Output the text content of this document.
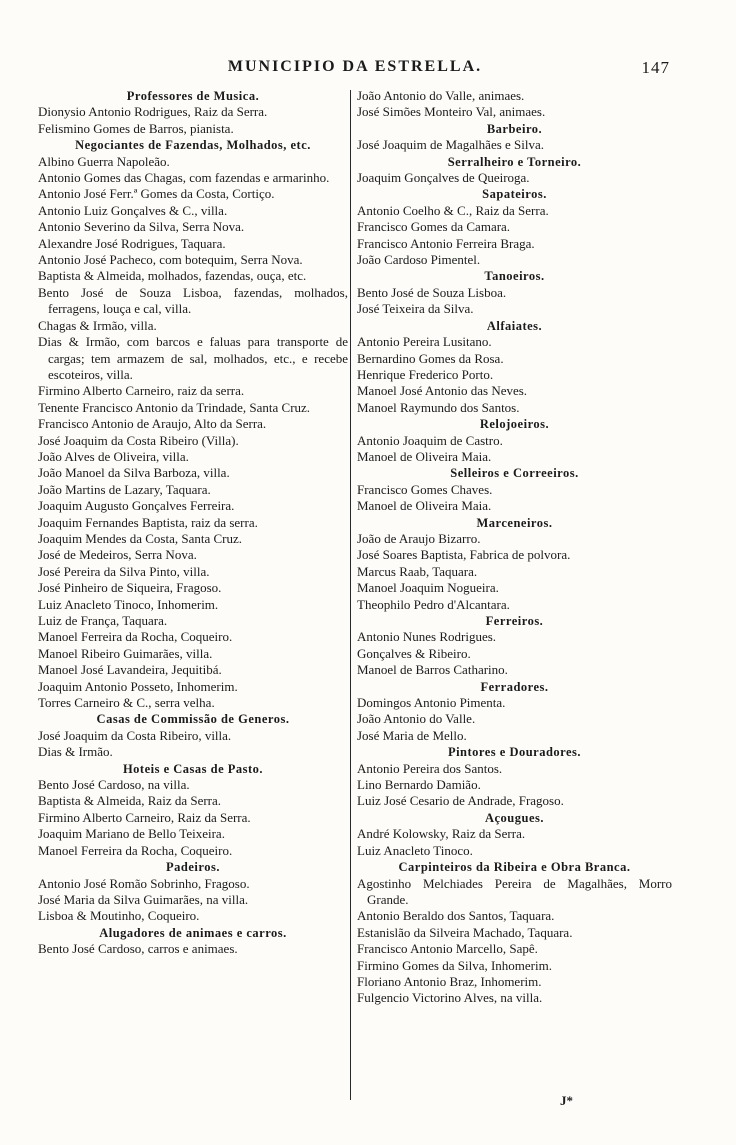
MUNICIPIO DA ESTRELLA.	147
Professores de Musica.
Dionysio Antonio Rodrigues, Raiz da Serra.
Felismino Gomes de Barros, pianista.
Negociantes de Fazendas, Molhados, etc.
Albino Guerra Napoleão.
Antonio Gomes das Chagas, com fazendas e armarinho.
Antonio José Ferr.ª Gomes da Costa, Cortiço.
Antonio Luiz Gonçalves & C., villa.
Antonio Severino da Silva, Serra Nova.
Alexandre José Rodrigues, Taquara.
Antonio José Pacheco, com botequim, Serra Nova.
Baptista & Almeida, molhados, fazendas, ouça, etc.
Bento José de Souza Lisboa, fazendas, molhados, ferragens, louça e cal, villa.
Chagas & Irmão, villa.
Dias & Irmão, com barcos e faluas para transporte de cargas; tem armazem de sal, molhados, etc., e recebe escoteiros, villa.
Firmino Alberto Carneiro, raiz da serra.
Tenente Francisco Antonio da Trindade, Santa Cruz.
Francisco Antonio de Araujo, Alto da Serra.
José Joaquim da Costa Ribeiro (Villa).
João Alves de Oliveira, villa.
João Manoel da Silva Barboza, villa.
João Martins de Lazary, Taquara.
Joaquim Augusto Gonçalves Ferreira.
Joaquim Fernandes Baptista, raiz da serra.
Joaquim Mendes da Costa, Santa Cruz.
José de Medeiros, Serra Nova.
José Pereira da Silva Pinto, villa.
José Pinheiro de Siqueira, Fragoso.
Luiz Anacleto Tinoco, Inhomerim.
Luiz de França, Taquara.
Manoel Ferreira da Rocha, Coqueiro.
Manoel Ribeiro Guimarães, villa.
Manoel José Lavandeira, Jequitibá.
Joaquim Antonio Posseto, Inhomerim.
Torres Carneiro & C., serra velha.
Casas de Commissão de Generos.
José Joaquim da Costa Ribeiro, villa.
Dias & Irmão.
Hoteis e Casas de Pasto.
Bento José Cardoso, na villa.
Baptista & Almeida, Raiz da Serra.
Firmino Alberto Carneiro, Raiz da Serra.
Joaquim Mariano de Bello Teixeira.
Manoel Ferreira da Rocha, Coqueiro.
Padeiros.
Antonio José Romão Sobrinho, Fragoso.
José Maria da Silva Guimarães, na villa.
Lisboa & Moutinho, Coqueiro.
Alugadores de animaes e carros.
Bento José Cardoso, carros e animaes.
João Antonio do Valle, animaes.
José Simões Monteiro Val, animaes.
Barbeiro.
José Joaquim de Magalhães e Silva.
Serralheiro e Torneiro.
Joaquim Gonçalves de Queiroga.
Sapateiros.
Antonio Coelho & C., Raiz da Serra.
Francisco Gomes da Camara.
Francisco Antonio Ferreira Braga.
João Cardoso Pimentel.
Tanoeiros.
Bento José de Souza Lisboa.
José Teixeira da Silva.
Alfaiates.
Antonio Pereira Lusitano.
Bernardino Gomes da Rosa.
Henrique Frederico Porto.
Manoel José Antonio das Neves.
Manoel Raymundo dos Santos.
Relojoeiros.
Antonio Joaquim de Castro.
Manoel de Oliveira Maia.
Selleiros e Correeiros.
Francisco Gomes Chaves.
Manoel de Oliveira Maia.
Marceneiros.
João de Araujo Bizarro.
José Soares Baptista, Fabrica de polvora.
Marcus Raab, Taquara.
Manoel Joaquim Nogueira.
Theophilo Pedro d'Alcantara.
Ferreiros.
Antonio Nunes Rodrigues.
Gonçalves & Ribeiro.
Manoel de Barros Catharino.
Ferradores.
Domingos Antonio Pimenta.
João Antonio do Valle.
José Maria de Mello.
Pintores e Douradores.
Antonio Pereira dos Santos.
Lino Bernardo Damião.
Luiz José Cesario de Andrade, Fragoso.
Açougues.
André Kolowsky, Raiz da Serra.
Luiz Anacleto Tinoco.
Carpinteiros da Ribeira e Obra Branca.
Agostinho Melchiades Pereira de Magalhães, Morro Grande.
Antonio Beraldo dos Santos, Taquara.
Estanislão da Silveira Machado, Taquara.
Francisco Antonio Marcello, Sapê.
Firmino Gomes da Silva, Inhomerim.
Floriano Antonio Braz, Inhomerim.
Fulgencio Victorino Alves, na villa.
J*
